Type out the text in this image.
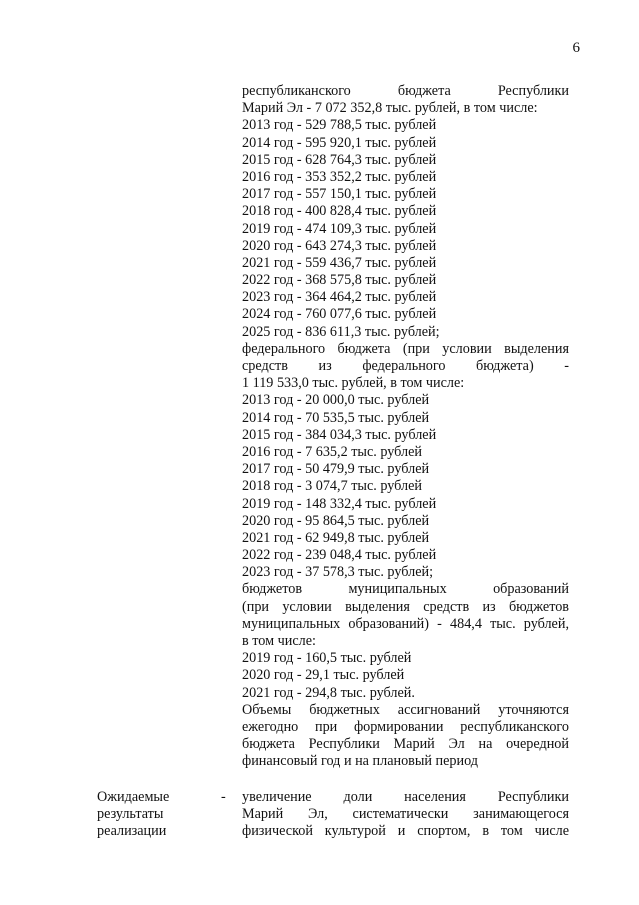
6
республиканского бюджета Республики
Марий Эл - 7 072 352,8 тыс. рублей, в том числе:
2013 год - 529 788,5 тыс. рублей
2014 год - 595 920,1 тыс. рублей
2015 год - 628 764,3 тыс. рублей
2016 год - 353 352,2 тыс. рублей
2017 год - 557 150,1 тыс. рублей
2018 год - 400 828,4 тыс. рублей
2019 год - 474 109,3 тыс. рублей
2020 год - 643 274,3 тыс. рублей
2021 год - 559 436,7 тыс. рублей
2022 год - 368 575,8 тыс. рублей
2023 год - 364 464,2 тыс. рублей
2024 год - 760 077,6 тыс. рублей
2025 год - 836 611,3 тыс. рублей;
федерального бюджета (при условии выделения
средств из федерального бюджета) -
1 119 533,0 тыс. рублей, в том числе:
2013 год - 20 000,0 тыс. рублей
2014 год - 70 535,5 тыс. рублей
2015 год - 384 034,3 тыс. рублей
2016 год - 7 635,2 тыс. рублей
2017 год - 50 479,9 тыс. рублей
2018 год - 3 074,7 тыс. рублей
2019 год - 148 332,4 тыс. рублей
2020 год - 95 864,5 тыс. рублей
2021 год - 62 949,8 тыс. рублей
2022 год - 239 048,4 тыс. рублей
2023 год - 37 578,3 тыс. рублей;
бюджетов муниципальных образований
(при условии выделения средств из бюджетов
муниципальных образований) - 484,4 тыс. рублей,
в том числе:
2019 год - 160,5 тыс. рублей
2020 год - 29,1 тыс. рублей
2021 год - 294,8 тыс. рублей.
Объемы бюджетных ассигнований уточняются
ежегодно при формировании республиканского
бюджета Республики Марий Эл на очередной
финансовый год и на плановый период
Ожидаемые
результаты
реализации
- увеличение доли населения Республики
Марий Эл, систематически занимающегося
физической культурой и спортом, в том числе
